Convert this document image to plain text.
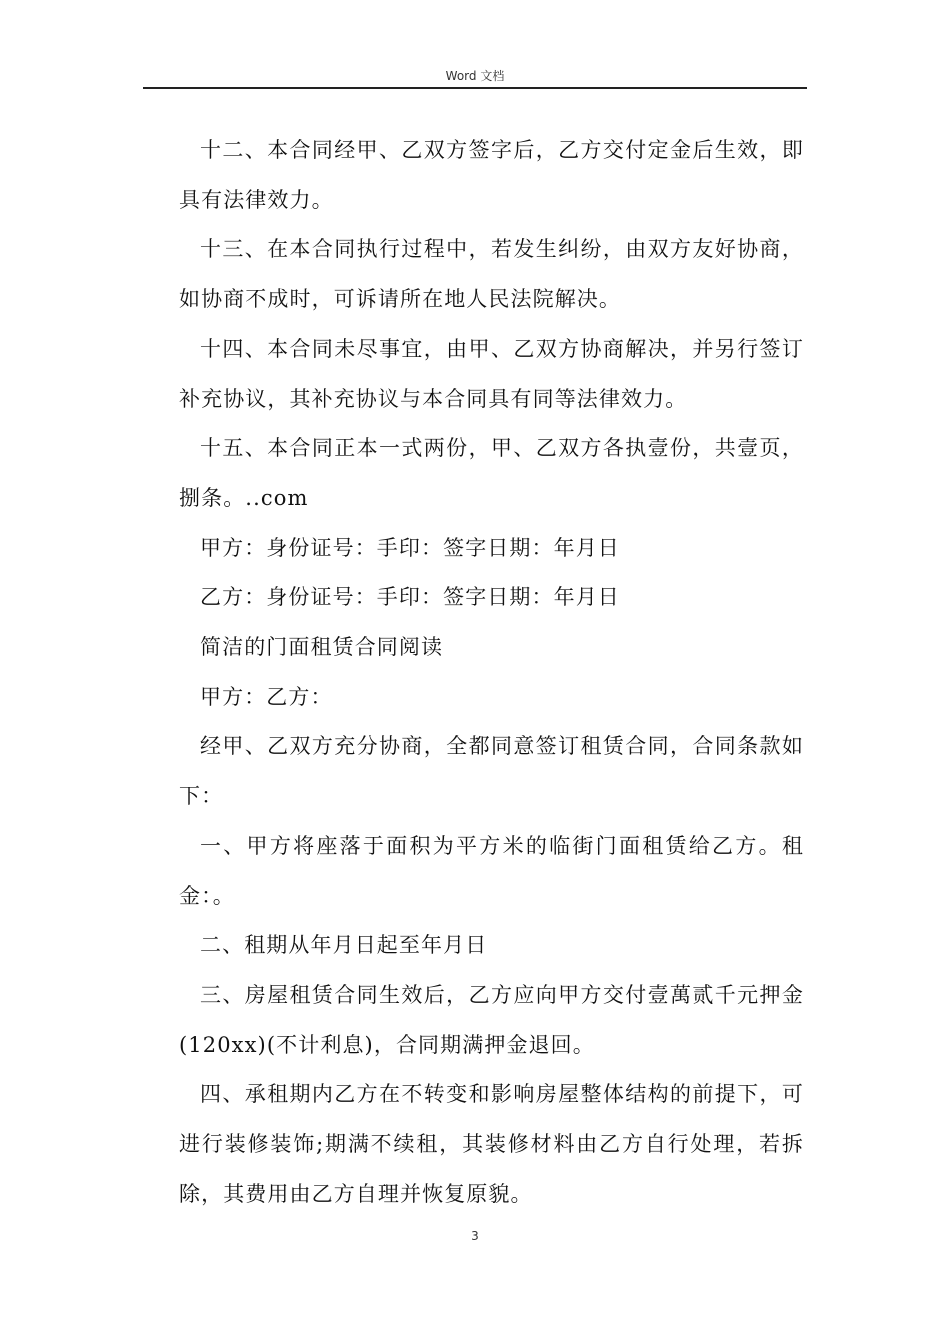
Word 文档

十二、本合同经甲、乙双方签字后，乙方交付定金后生效，即具有法律效力。

十三、在本合同执行过程中，若发生纠纷，由双方友好协商，如协商不成时，可诉请所在地人民法院解决。

十四、本合同未尽事宜，由甲、乙双方协商解决，并另行签订补充协议，其补充协议与本合同具有同等法律效力。

十五、本合同正本一式两份，甲、乙双方各执壹份，共壹页，捌条。..com

甲方：身份证号：手印：签字日期：年月日

乙方：身份证号：手印：签字日期：年月日

简洁的门面租赁合同阅读

甲方：乙方：

经甲、乙双方充分协商，全都同意签订租赁合同，合同条款如下：

一、甲方将座落于面积为平方米的临街门面租赁给乙方。租金：。

二、租期从年月日起至年月日

三、房屋租赁合同生效后，乙方应向甲方交付壹萬贰千元押金(120xx)(不计利息)，合同期满押金退回。

四、承租期内乙方在不转变和影响房屋整体结构的前提下，可进行装修装饰;期满不续租，其装修材料由乙方自行处理，若拆除，其费用由乙方自理并恢复原貌。

3
